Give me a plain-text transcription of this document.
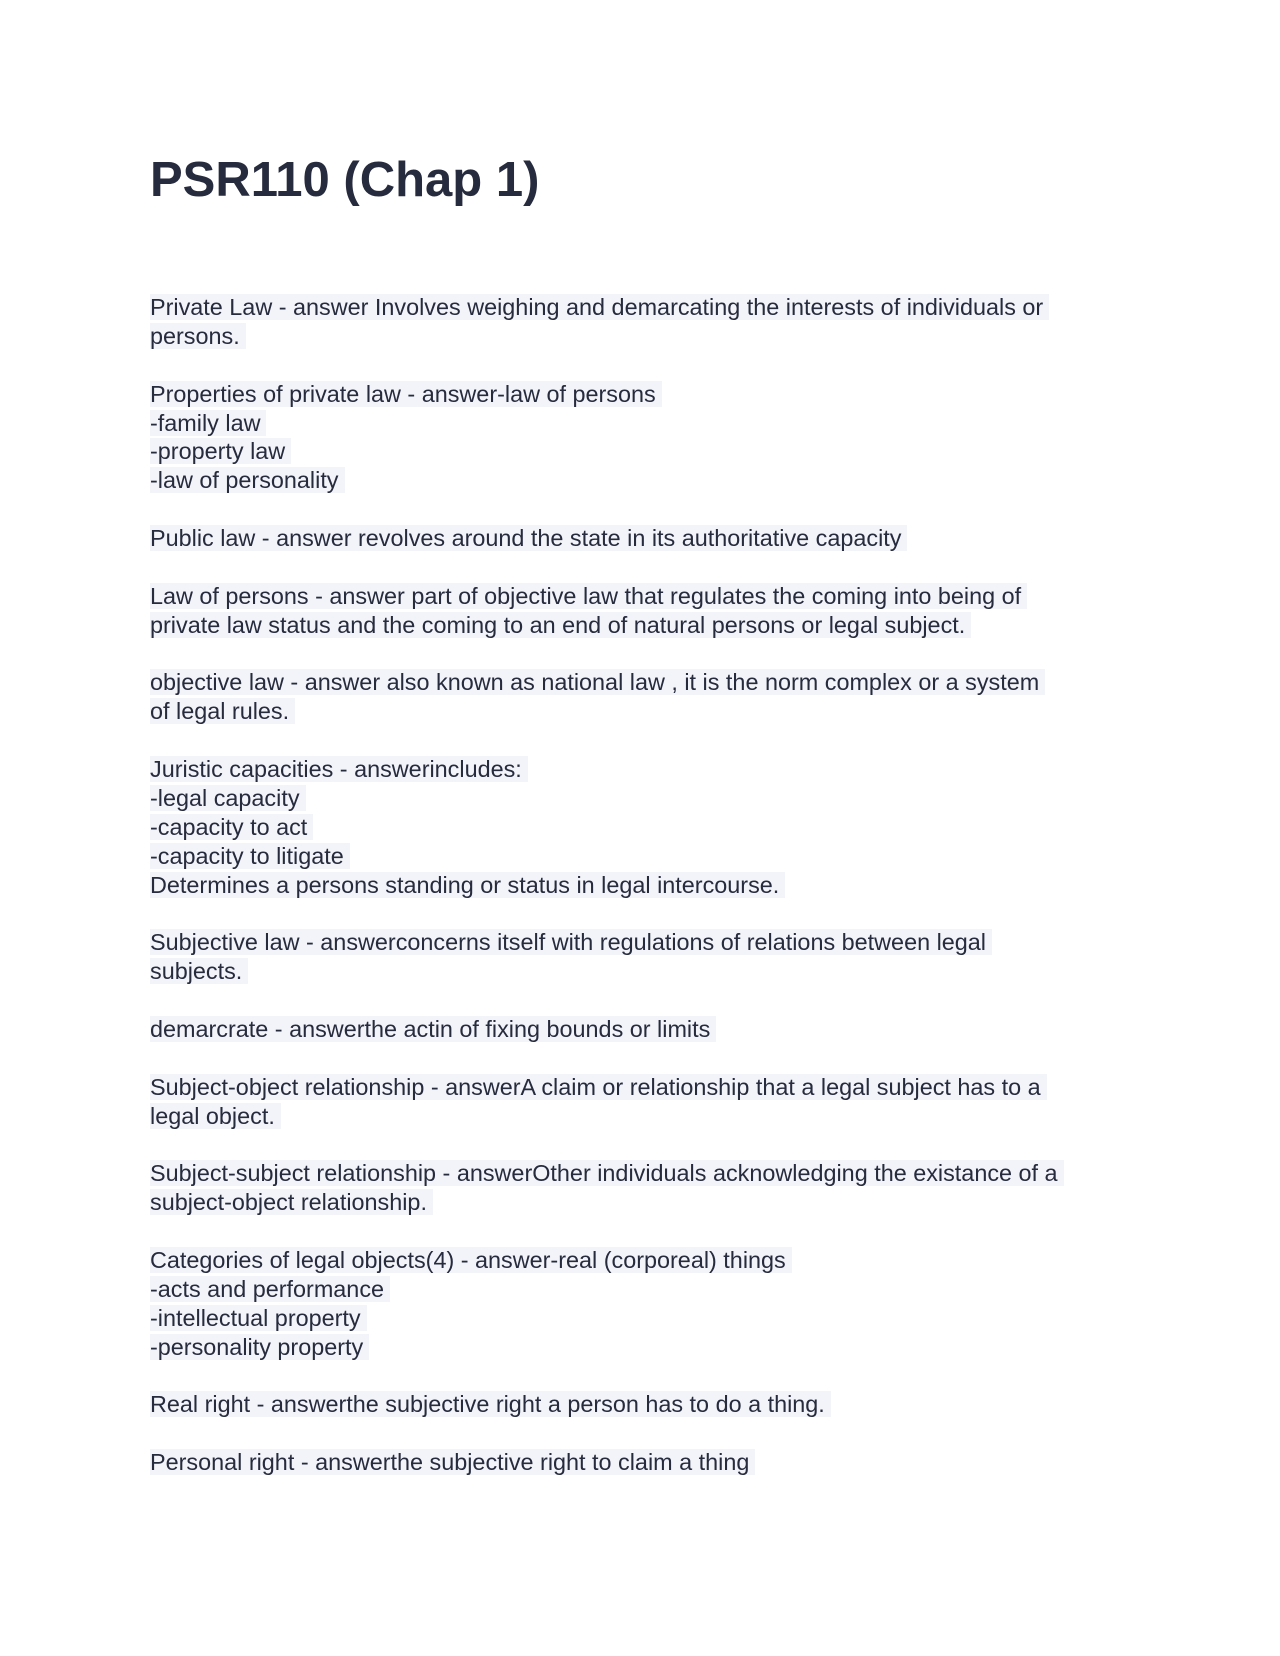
PSR110 (Chap 1)
Private Law - answer Involves weighing and demarcating the interests of individuals or
persons.
Properties of private law - answer-law of persons
-family law
-property law
-law of personality
Public law - answer revolves around the state in its authoritative capacity
Law of persons - answer part of objective law that regulates the coming into being of
private law status and the coming to an end of natural persons or legal subject.
objective law - answer also known as national law , it is the norm complex or a system
of legal rules.
Juristic capacities - answerincludes:
-legal capacity
-capacity to act
-capacity to litigate
Determines a persons standing or status in legal intercourse.
Subjective law - answerconcerns itself with regulations of relations between legal
subjects.
demarcrate - answerthe actin of fixing bounds or limits
Subject-object relationship - answerA claim or relationship that a legal subject has to a
legal object.
Subject-subject relationship - answerOther individuals acknowledging the existance of a
subject-object relationship.
Categories of legal objects(4) - answer-real (corporeal) things
-acts and performance
-intellectual property
-personality property
Real right - answerthe subjective right a person has to do a thing.
Personal right - answerthe subjective right to claim a thing
